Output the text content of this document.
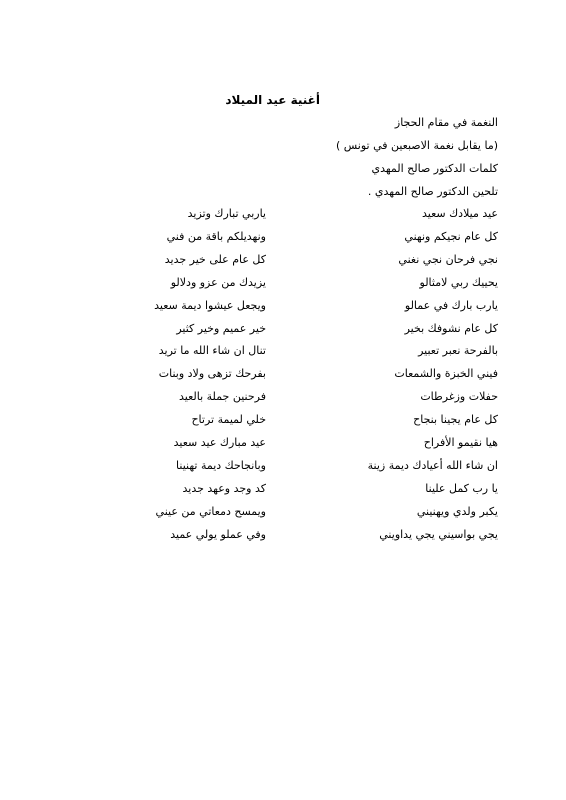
أغنية عيد الميلاد
النغمة في مقام الحجاز
(ما يقابل نغمة الاصبعين في تونس )
كلمات الدكتور صالح المهدي
تلحين الدكتور صالح المهدي .
عيد ميلادك سعيد
ياربي تبارك وتزيد
كل عام نجيكم ونهني
ونهديلكم باقة من فني
نجي فرحان نجي نغني
كل عام على خير جديد
يحييك ربي لامثالو
يزيدك من عزو ودلالو
يارب بارك في عمالو
ويجعل عيشوا ديمة سعيد
كل عام نشوفك بخير
خير عميم وخير كثير
بالفرحة نعبر تعبير
تنال ان شاء الله ما تريد
فيني الخبزة والشمعات
بفرحك تزهى ولاد وبنات
حفلات وزغرطات
فرحنين جملة بالعيد
كل عام يجينا بنجاح
خلي لميمة ترتاح
هيا نقيمو الأفراح
عيد مبارك عيد سعيد
ان شاء الله أعيادك ديمة زينة
وبانجاحك ديمة تهنينا
يا رب كمل علينا
كد وجد وعهد جديد
يكبر ولدي ويهنيني
ويمسح دمعاتي من عيني
يجي بواسيني يجي يداويني
وفي عملو يولي عميد
